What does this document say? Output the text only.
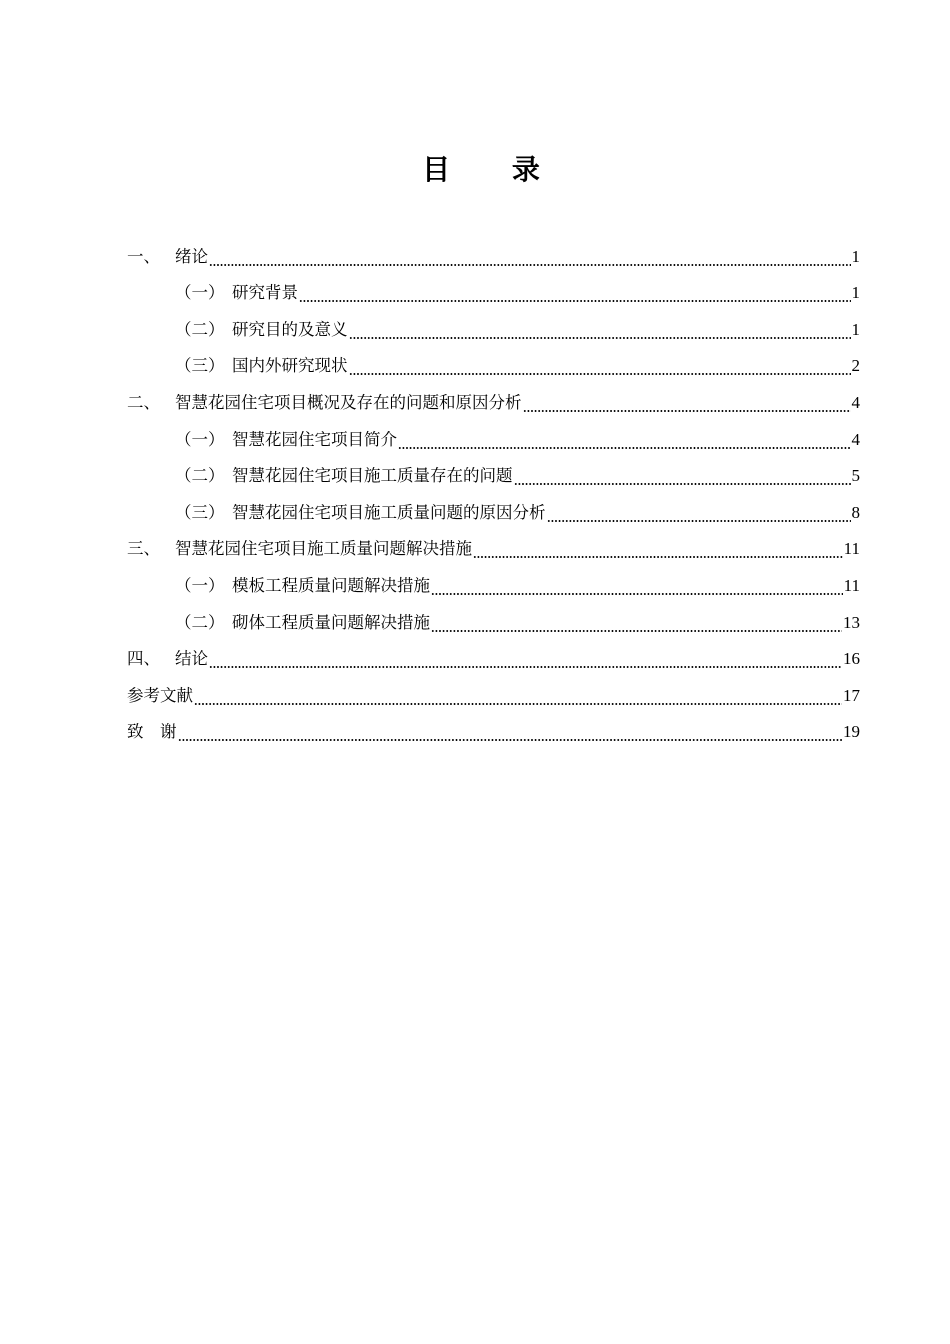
目 录
一、 绪论	1
（一） 研究背景	1
（二） 研究目的及意义	1
（三） 国内外研究现状	2
二、 智慧花园住宅项目概况及存在的问题和原因分析	4
（一） 智慧花园住宅项目简介	4
（二） 智慧花园住宅项目施工质量存在的问题	5
（三） 智慧花园住宅项目施工质量问题的原因分析	8
三、 智慧花园住宅项目施工质量问题解决措施	11
（一） 模板工程质量问题解决措施	11
（二） 砌体工程质量问题解决措施	13
四、 结论	16
参考文献	17
致　谢	19
